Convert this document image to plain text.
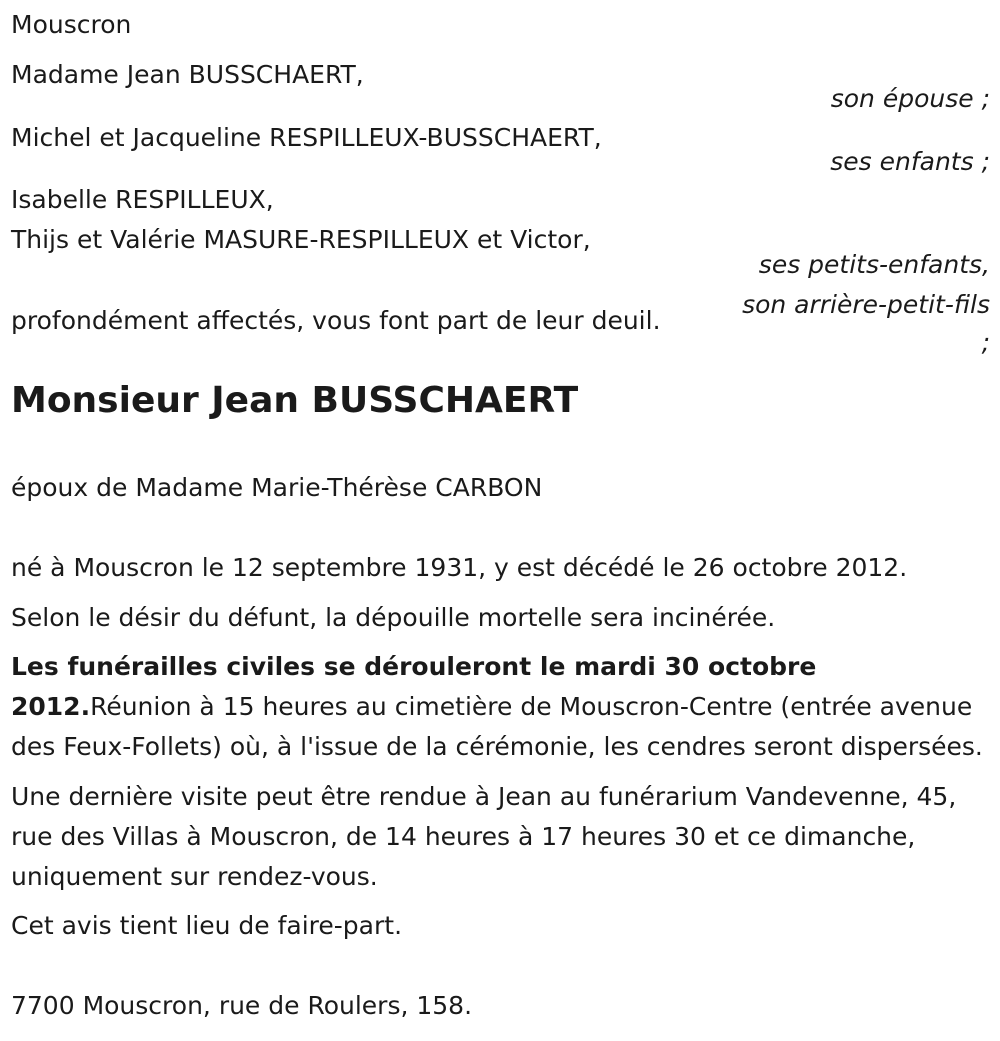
Mouscron
Madame Jean BUSSCHAERT,
son épouse ;
Michel et Jacqueline RESPILLEUX-BUSSCHAERT,
ses enfants ;
Isabelle RESPILLEUX,
Thijs et Valérie MASURE-RESPILLEUX et Victor,
ses petits-enfants,
son arrière-petit-fils
;
profondément affectés, vous font part de leur deuil.
Monsieur Jean BUSSCHAERT
époux de Madame Marie-Thérèse CARBON
né à Mouscron le 12 septembre 1931, y est décédé le 26 octobre 2012.
Selon le désir du défunt, la dépouille mortelle sera incinérée.
Les funérailles civiles se dérouleront le mardi 30 octobre 2012.Réunion à 15 heures au cimetière de Mouscron-Centre (entrée avenue des Feux-Follets) où, à l'issue de la cérémonie, les cendres seront dispersées.
Une dernière visite peut être rendue à Jean au funérarium Vandevenne, 45, rue des Villas à Mouscron, de 14 heures à 17 heures 30 et ce dimanche, uniquement sur rendez-vous.
Cet avis tient lieu de faire-part.
7700 Mouscron, rue de Roulers, 158.
